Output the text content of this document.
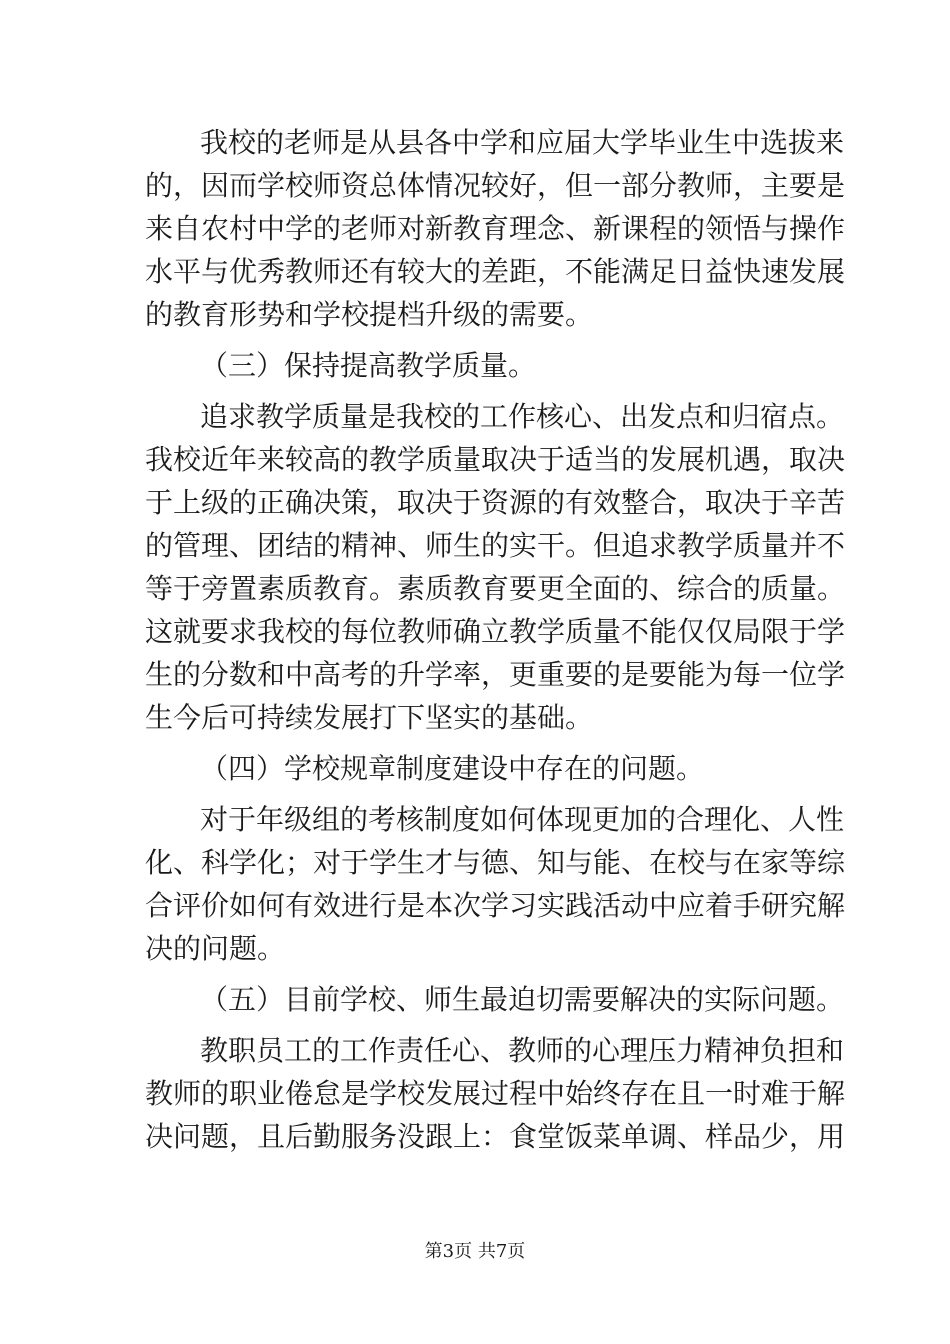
我校的老师是从县各中学和应届大学毕业生中选拔来
的，因而学校师资总体情况较好，但一部分教师，主要是
来自农村中学的老师对新教育理念、新课程的领悟与操作
水平与优秀教师还有较大的差距，不能满足日益快速发展
的教育形势和学校提档升级的需要。
（三）保持提高教学质量。
追求教学质量是我校的工作核心、出发点和归宿点。
我校近年来较高的教学质量取决于适当的发展机遇，取决
于上级的正确决策，取决于资源的有效整合，取决于辛苦
的管理、团结的精神、师生的实干。但追求教学质量并不
等于旁置素质教育。素质教育要更全面的、综合的质量。
这就要求我校的每位教师确立教学质量不能仅仅局限于学
生的分数和中高考的升学率，更重要的是要能为每一位学
生今后可持续发展打下坚实的基础。
（四）学校规章制度建设中存在的问题。
对于年级组的考核制度如何体现更加的合理化、人性
化、科学化；对于学生才与德、知与能、在校与在家等综
合评价如何有效进行是本次学习实践活动中应着手研究解
决的问题。
（五）目前学校、师生最迫切需要解决的实际问题。
教职员工的工作责任心、教师的心理压力精神负担和
教师的职业倦怠是学校发展过程中始终存在且一时难于解
决问题，且后勤服务没跟上：食堂饭菜单调、样品少，用
第3页 共7页
